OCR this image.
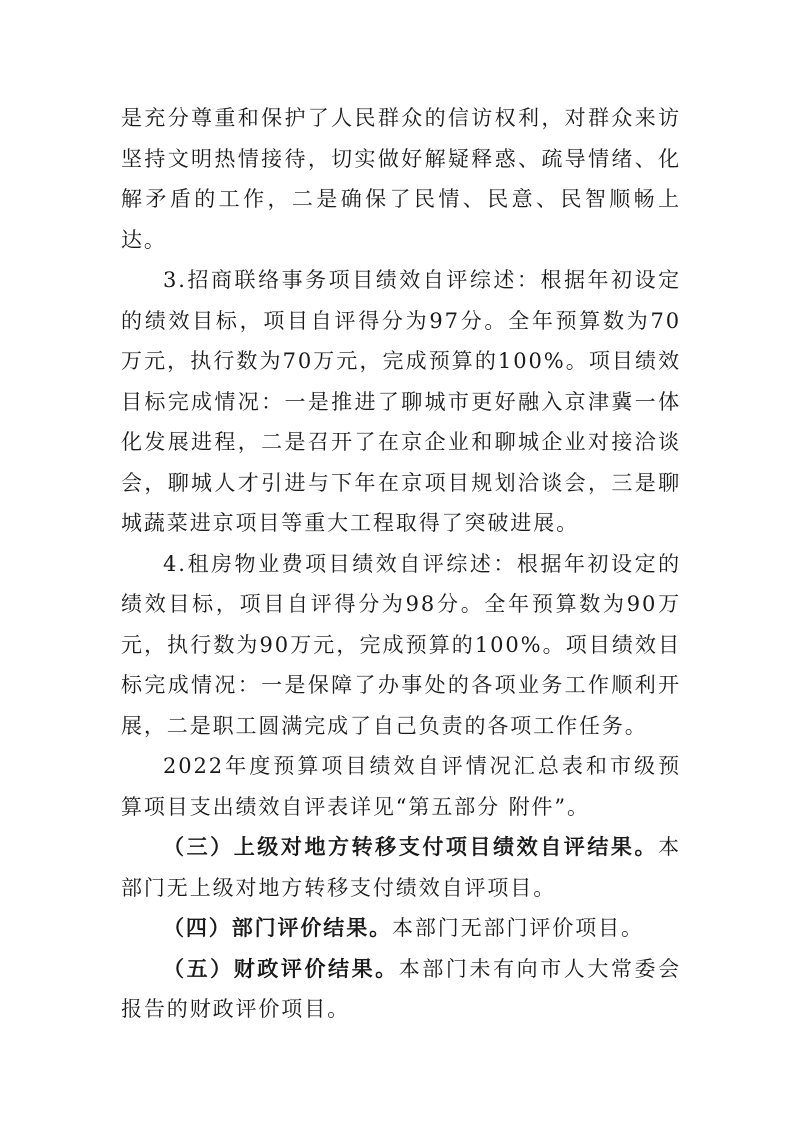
是充分尊重和保护了人民群众的信访权利，对群众来访坚持文明热情接待，切实做好解疑释惑、疏导情绪、化解矛盾的工作，二是确保了民情、民意、民智顺畅上达。

3.招商联络事务项目绩效自评综述：根据年初设定的绩效目标，项目自评得分为97分。全年预算数为70万元，执行数为70万元，完成预算的100%。项目绩效目标完成情况：一是推进了聊城市更好融入京津冀一体化发展进程，二是召开了在京企业和聊城企业对接洽谈会，聊城人才引进与下年在京项目规划洽谈会，三是聊城蔬菜进京项目等重大工程取得了突破进展。

4.租房物业费项目绩效自评综述：根据年初设定的绩效目标，项目自评得分为98分。全年预算数为90万元，执行数为90万元，完成预算的100%。项目绩效目标完成情况：一是保障了办事处的各项业务工作顺利开展，二是职工圆满完成了自己负责的各项工作任务。

2022年度预算项目绩效自评情况汇总表和市级预算项目支出绩效自评表详见“第五部分 附件”。

（三）上级对地方转移支付项目绩效自评结果。本部门无上级对地方转移支付绩效自评项目。

（四）部门评价结果。本部门无部门评价项目。

（五）财政评价结果。本部门未有向市人大常委会报告的财政评价项目。
